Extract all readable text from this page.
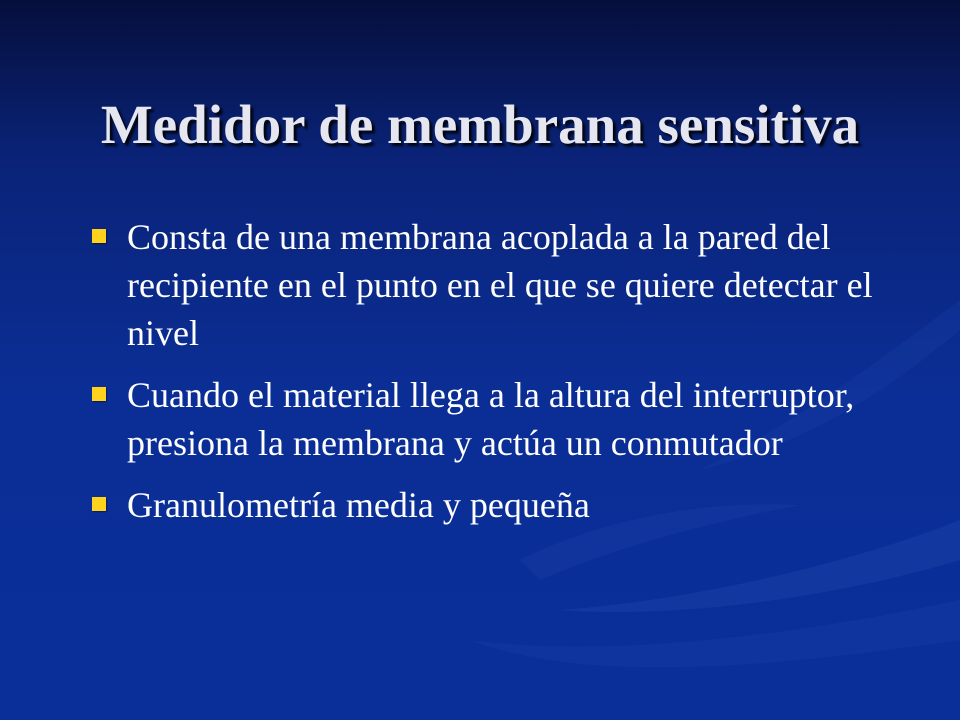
Medidor de membrana sensitiva
Consta de una membrana acoplada a la pared del recipiente en el punto en el que se quiere detectar el nivel
Cuando el material llega a la altura del interruptor, presiona la membrana y actúa un conmutador
Granulometría media y pequeña
